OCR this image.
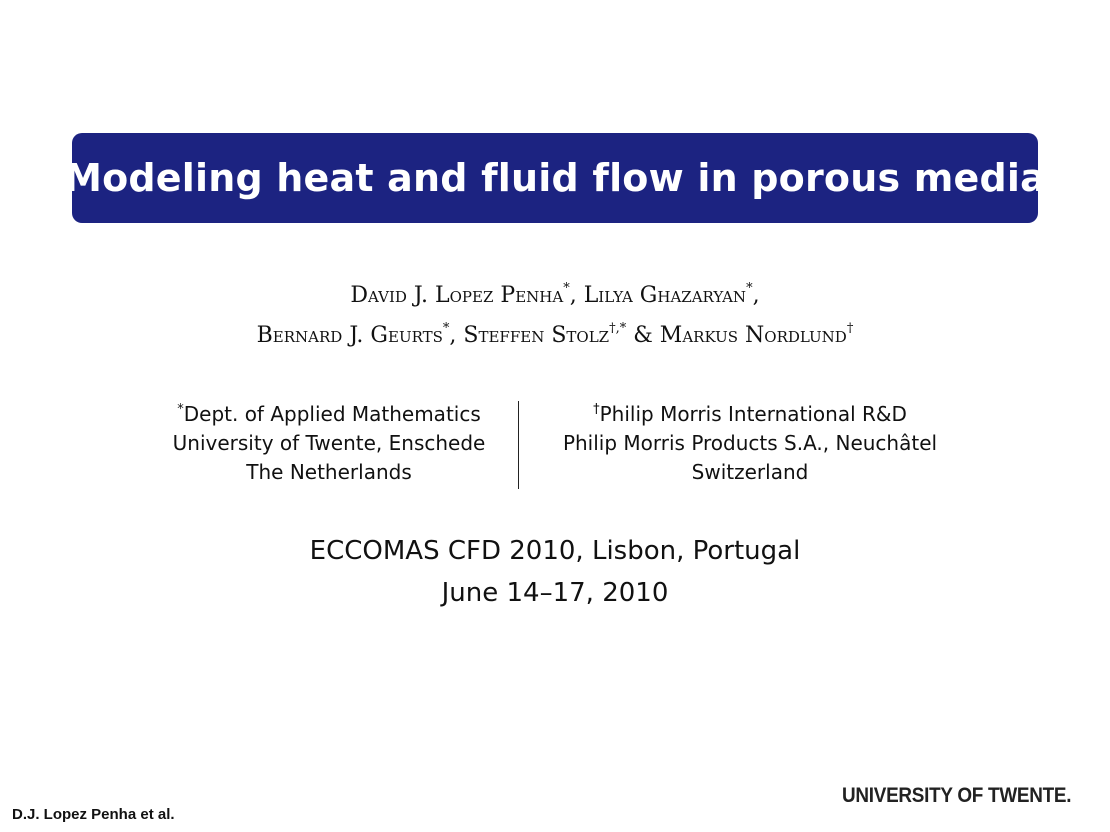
Modeling heat and fluid flow in porous media
David J. Lopez Penha*, Lilya Ghazaryan*,
Bernard J. Geurts*, Steffen Stolz†,* & Markus Nordlund†
*Dept. of Applied Mathematics
University of Twente, Enschede
The Netherlands
†Philip Morris International R&D
Philip Morris Products S.A., Neuchâtel
Switzerland
ECCOMAS CFD 2010, Lisbon, Portugal
June 14–17, 2010
D.J. Lopez Penha et al.
UNIVERSITY OF TWENTE.
